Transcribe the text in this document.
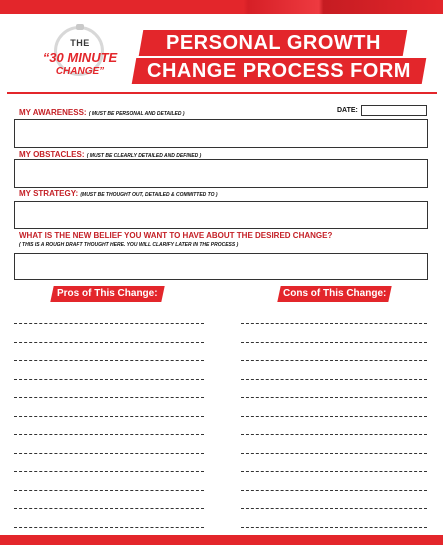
THE
“30 MINUTE
CHANGE”
PERSONAL GROWTH
CHANGE PROCESS FORM
MY AWARENESS: ( MUST BE PERSONAL AND DETAILED )	DATE:
MY OBSTACLES: ( MUST BE CLEARLY DETAILED AND DEFINED )
MY STRATEGY: (MUST BE THOUGHT OUT, DETAILED & COMMITTED TO )
WHAT IS THE NEW BELIEF YOU WANT TO HAVE ABOUT THE DESIRED CHANGE?
( THIS IS A ROUGH DRAFT THOUGHT HERE. YOU WILL CLARIFY LATER IN THE PROCESS )
Pros of This Change:	Cons of This Change:
